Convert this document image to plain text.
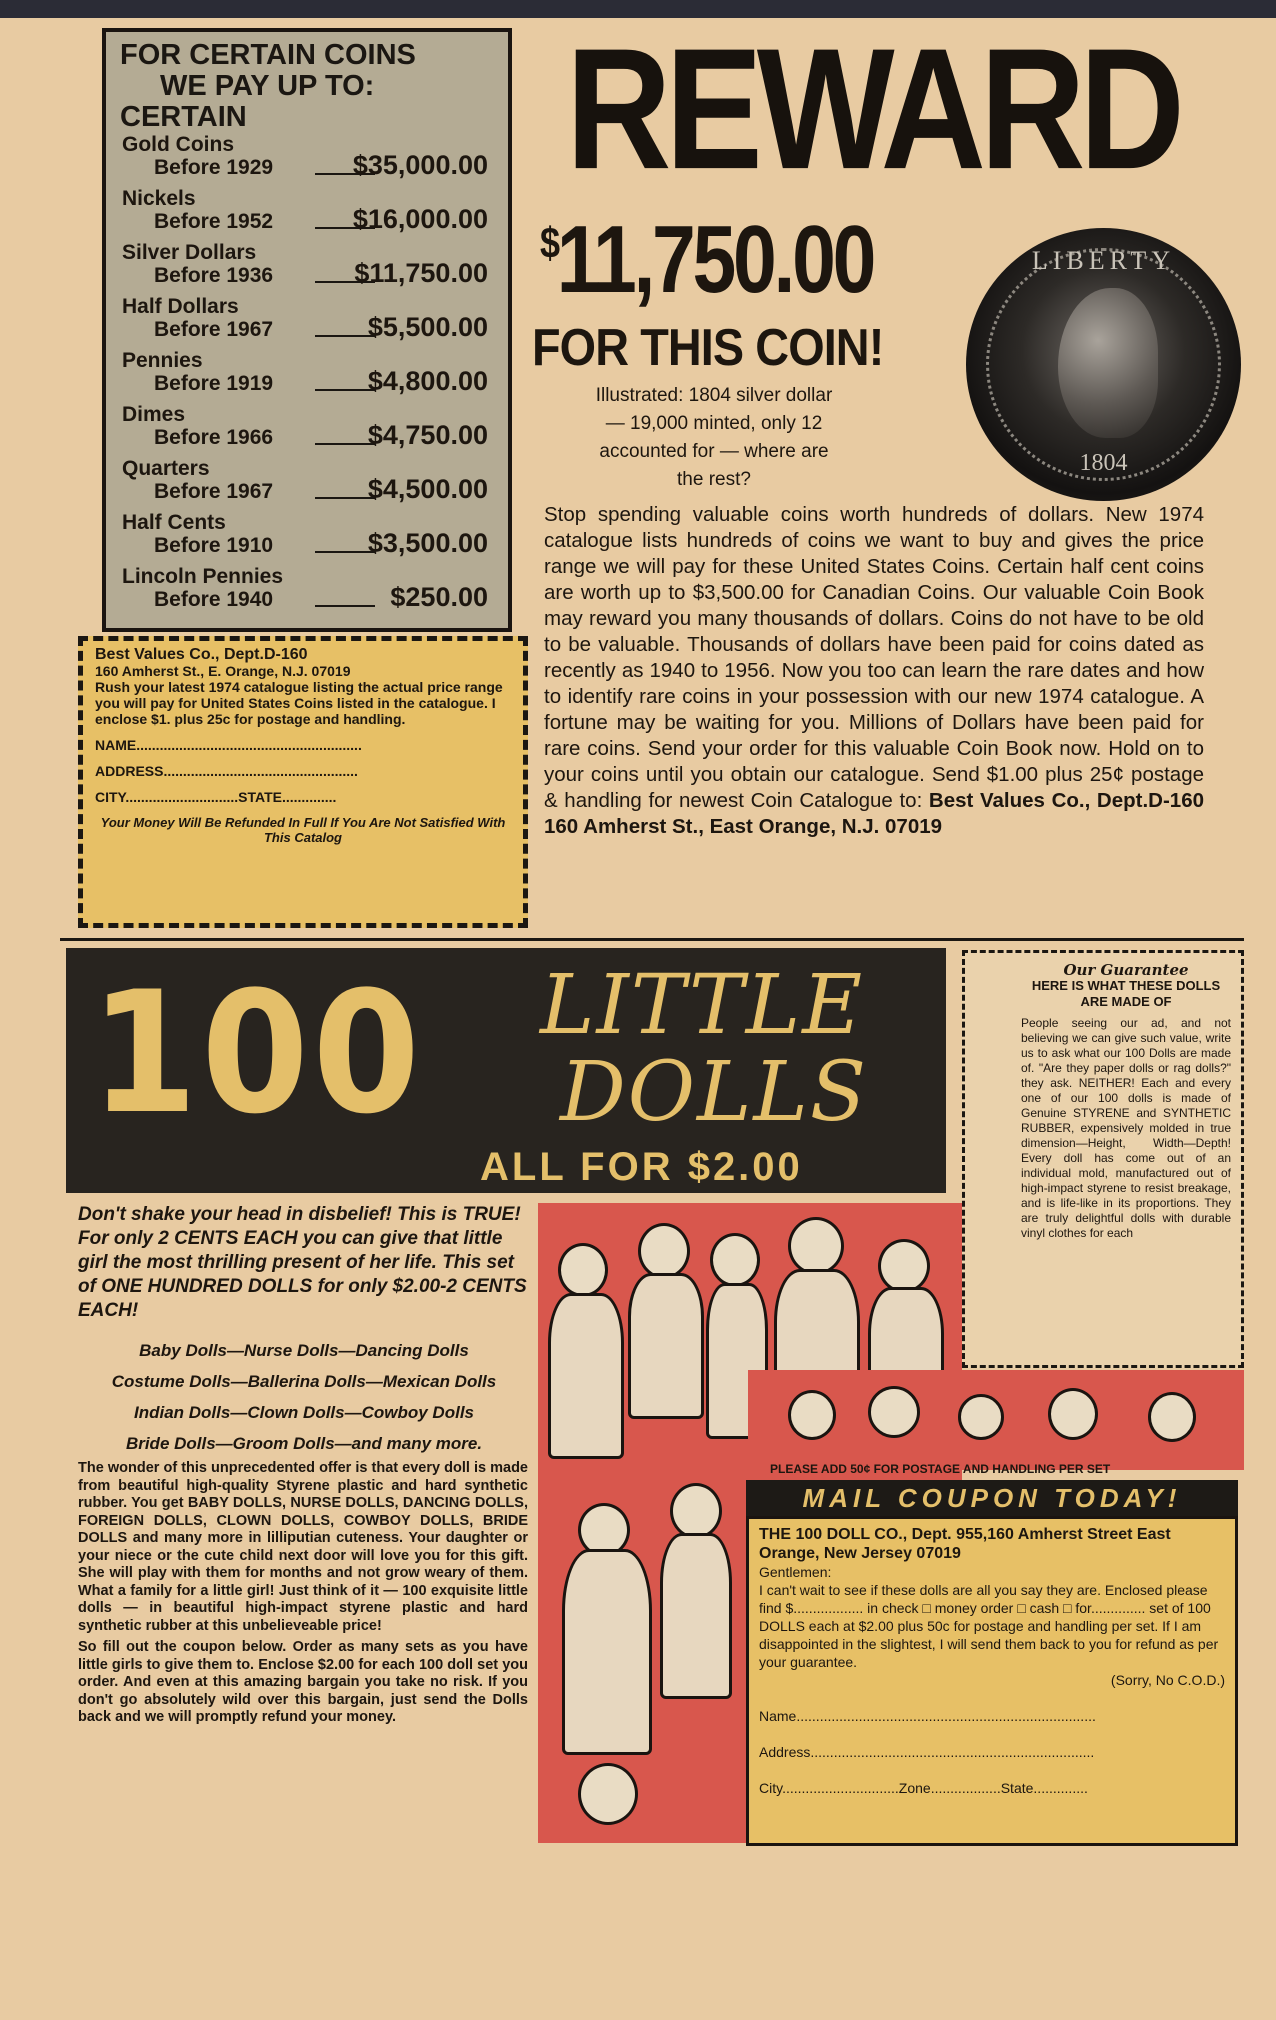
FOR CERTAIN COINS
WE PAY UP TO:
CERTAIN
Gold Coins
Before 1929	$35,000.00
Nickels
Before 1952	$16,000.00
Silver Dollars
Before 1936	$11,750.00
Half Dollars
Before 1967	$5,500.00
Pennies
Before 1919	$4,800.00
Dimes
Before 1966	$4,750.00
Quarters
Before 1967	$4,500.00
Half Cents
Before 1910	$3,500.00
Lincoln Pennies
Before 1940	$250.00
REWARD
$11,750.00
FOR THIS COIN!
Illustrated: 1804 silver dollar — 19,000 minted, only 12 accounted for — where are the rest?
LIBERTY
1804
Stop spending valuable coins worth hundreds of dollars. New 1974 catalogue lists hundreds of coins we want to buy and gives the price range we will pay for these United States Coins. Certain half cent coins are worth up to $3,500.00 for Canadian Coins. Our valuable Coin Book may reward you many thousands of dollars. Coins do not have to be old to be valuable. Thousands of dollars have been paid for coins dated as recently as 1940 to 1956. Now you too can learn the rare dates and how to identify rare coins in your possession with our new 1974 catalogue. A fortune may be waiting for you. Millions of Dollars have been paid for rare coins. Send your order for this valuable Coin Book now. Hold on to your coins until you obtain our catalogue. Send $1.00 plus 25¢ postage & handling for newest Coin Catalogue to: Best Values Co., Dept.D-160 160 Amherst St., East Orange, N.J. 07019
Best Values Co., Dept.D-160
160 Amherst St., E. Orange, N.J. 07019
Rush your latest 1974 catalogue listing the actual price range you will pay for United States Coins listed in the catalogue. I enclose $1. plus 25c for postage and handling.
NAME..........................................................
ADDRESS..................................................
CITY.............................STATE..............
Your Money Will Be Refunded In Full If You Are Not Satisfied With This Catalog
100 LITTLE
DOLLS
ALL FOR $2.00
Our Guarantee
HERE IS WHAT THESE DOLLS ARE MADE OF
People seeing our ad, and not believing we can give such value, write us to ask what our 100 Dolls are made of. "Are they paper dolls or rag dolls?" they ask. NEITHER! Each and every one of our 100 dolls is made of Genuine STYRENE and SYNTHETIC RUBBER, expensively molded in true dimension—Height, Width—Depth! Every doll has come out of an individual mold, manufactured out of high-impact styrene to resist breakage, and is life-like in its proportions. They are truly delightful dolls with durable vinyl clothes for each
Don't shake your head in disbelief! This is TRUE! For only 2 CENTS EACH you can give that little girl the most thrilling present of her life. This set of ONE HUNDRED DOLLS for only $2.00-2 CENTS EACH!
Baby Dolls—Nurse Dolls—Dancing Dolls
Costume Dolls—Ballerina Dolls—Mexican Dolls
Indian Dolls—Clown Dolls—Cowboy Dolls
Bride Dolls—Groom Dolls—and many more.
The wonder of this unprecedented offer is that every doll is made from beautiful high-quality Styrene plastic and hard synthetic rubber. You get BABY DOLLS, NURSE DOLLS, DANCING DOLLS, FOREIGN DOLLS, CLOWN DOLLS, COWBOY DOLLS, BRIDE DOLLS and many more in lilliputian cuteness. Your daughter or your niece or the cute child next door will love you for this gift. She will play with them for months and not grow weary of them. What a family for a little girl! Just think of it — 100 exquisite little dolls — in beautiful high-impact styrene plastic and hard synthetic rubber at this unbelieveable price!
So fill out the coupon below. Order as many sets as you have little girls to give them to. Enclose $2.00 for each 100 doll set you order. And even at this amazing bargain you take no risk. If you don't go absolutely wild over this bargain, just send the Dolls back and we will promptly refund your money.
PLEASE ADD 50¢ FOR POSTAGE AND HANDLING PER SET
MAIL COUPON TODAY!
THE 100 DOLL CO., Dept. 955,160 Amherst Street East Orange, New Jersey 07019
Gentlemen:
I can't wait to see if these dolls are all you say they are. Enclosed please find $.................. in check □ money order □ cash □ for.............. set of 100 DOLLS each at $2.00 plus 50c for postage and handling per set. If I am disappointed in the slightest, I will send them back to you for refund as per your guarantee.
(Sorry, No C.O.D.)
Name.............................................................................
Address.........................................................................
City..............................Zone..................State..............
